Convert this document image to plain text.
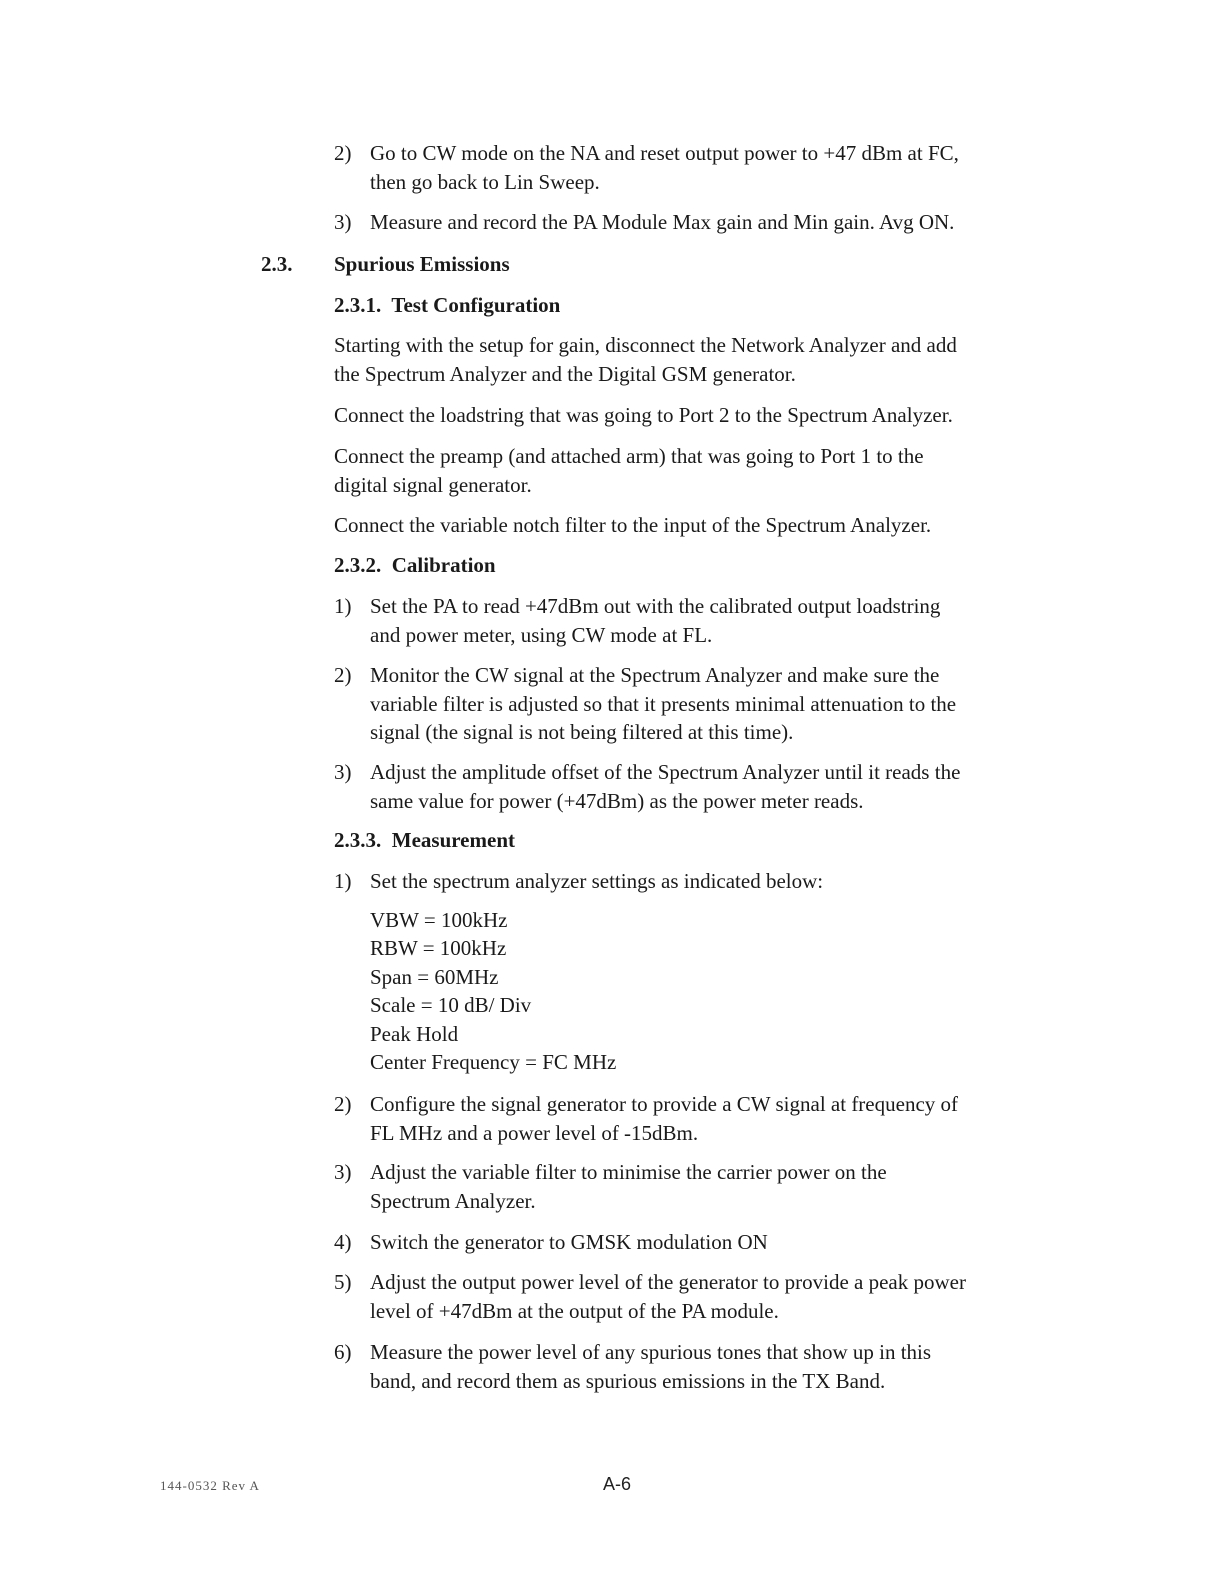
2) Go to CW mode on the NA and reset output power to +47 dBm at FC,
then go back to Lin Sweep.
3) Measure and record the PA Module Max gain and Min gain. Avg ON.
2.3. Spurious Emissions
2.3.1.  Test Configuration
Starting with the setup for gain, disconnect the Network Analyzer and add
the Spectrum Analyzer and the Digital GSM generator.
Connect the loadstring that was going to Port 2 to the Spectrum Analyzer.
Connect the preamp (and attached arm) that was going to Port 1 to the
digital signal generator.
Connect the variable notch filter to the input of the Spectrum Analyzer.
2.3.2.  Calibration
1) Set the PA to read +47dBm out with the calibrated output loadstring
and power meter, using CW mode at FL.
2) Monitor the CW signal at the Spectrum Analyzer and make sure the
variable filter is adjusted so that it presents minimal attenuation to the
signal (the signal is not being filtered at this time).
3) Adjust the amplitude offset of the Spectrum Analyzer until it reads the
same value for power (+47dBm) as the power meter reads.
2.3.3.  Measurement
1) Set the spectrum analyzer settings as indicated below:
VBW = 100kHz
RBW = 100kHz
Span = 60MHz
Scale = 10 dB/ Div
Peak Hold
Center Frequency = FC MHz
2) Configure the signal generator to provide a CW signal at frequency of
FL MHz and a power level of -15dBm.
3) Adjust the variable filter to minimise the carrier power on the
Spectrum Analyzer.
4) Switch the generator to GMSK modulation ON
5) Adjust the output power level of the generator to provide a peak power
level of +47dBm at the output of the PA module.
6) Measure the power level of any spurious tones that show up in this
band, and record them as spurious emissions in the TX Band.
144-0532 Rev A	A-6
